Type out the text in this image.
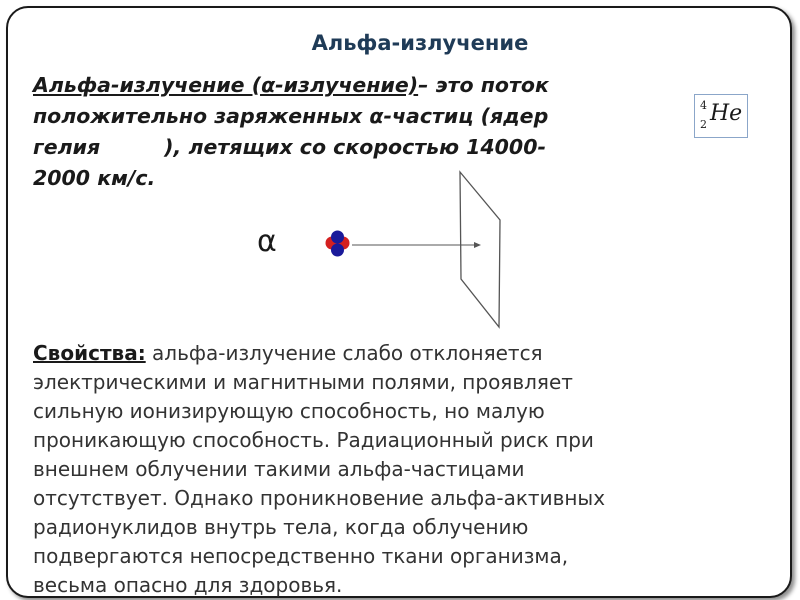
Альфа-излучение
Альфа-излучение (α-излучение)– это поток
положительно заряженных α-частиц (ядер
гелия	), летящих со скоростью 14000-
2000 км/с.
4
2 He
α
Свойства: альфа-излучение слабо отклоняется
электрическими и магнитными полями, проявляет
сильную ионизирующую способность, но малую
проникающую способность. Радиационный риск при
внешнем облучении такими альфа-частицами
отсутствует. Однако проникновение альфа-активных
радионуклидов внутрь тела, когда облучению
подвергаются непосредственно ткани организма,
весьма опасно для здоровья.
